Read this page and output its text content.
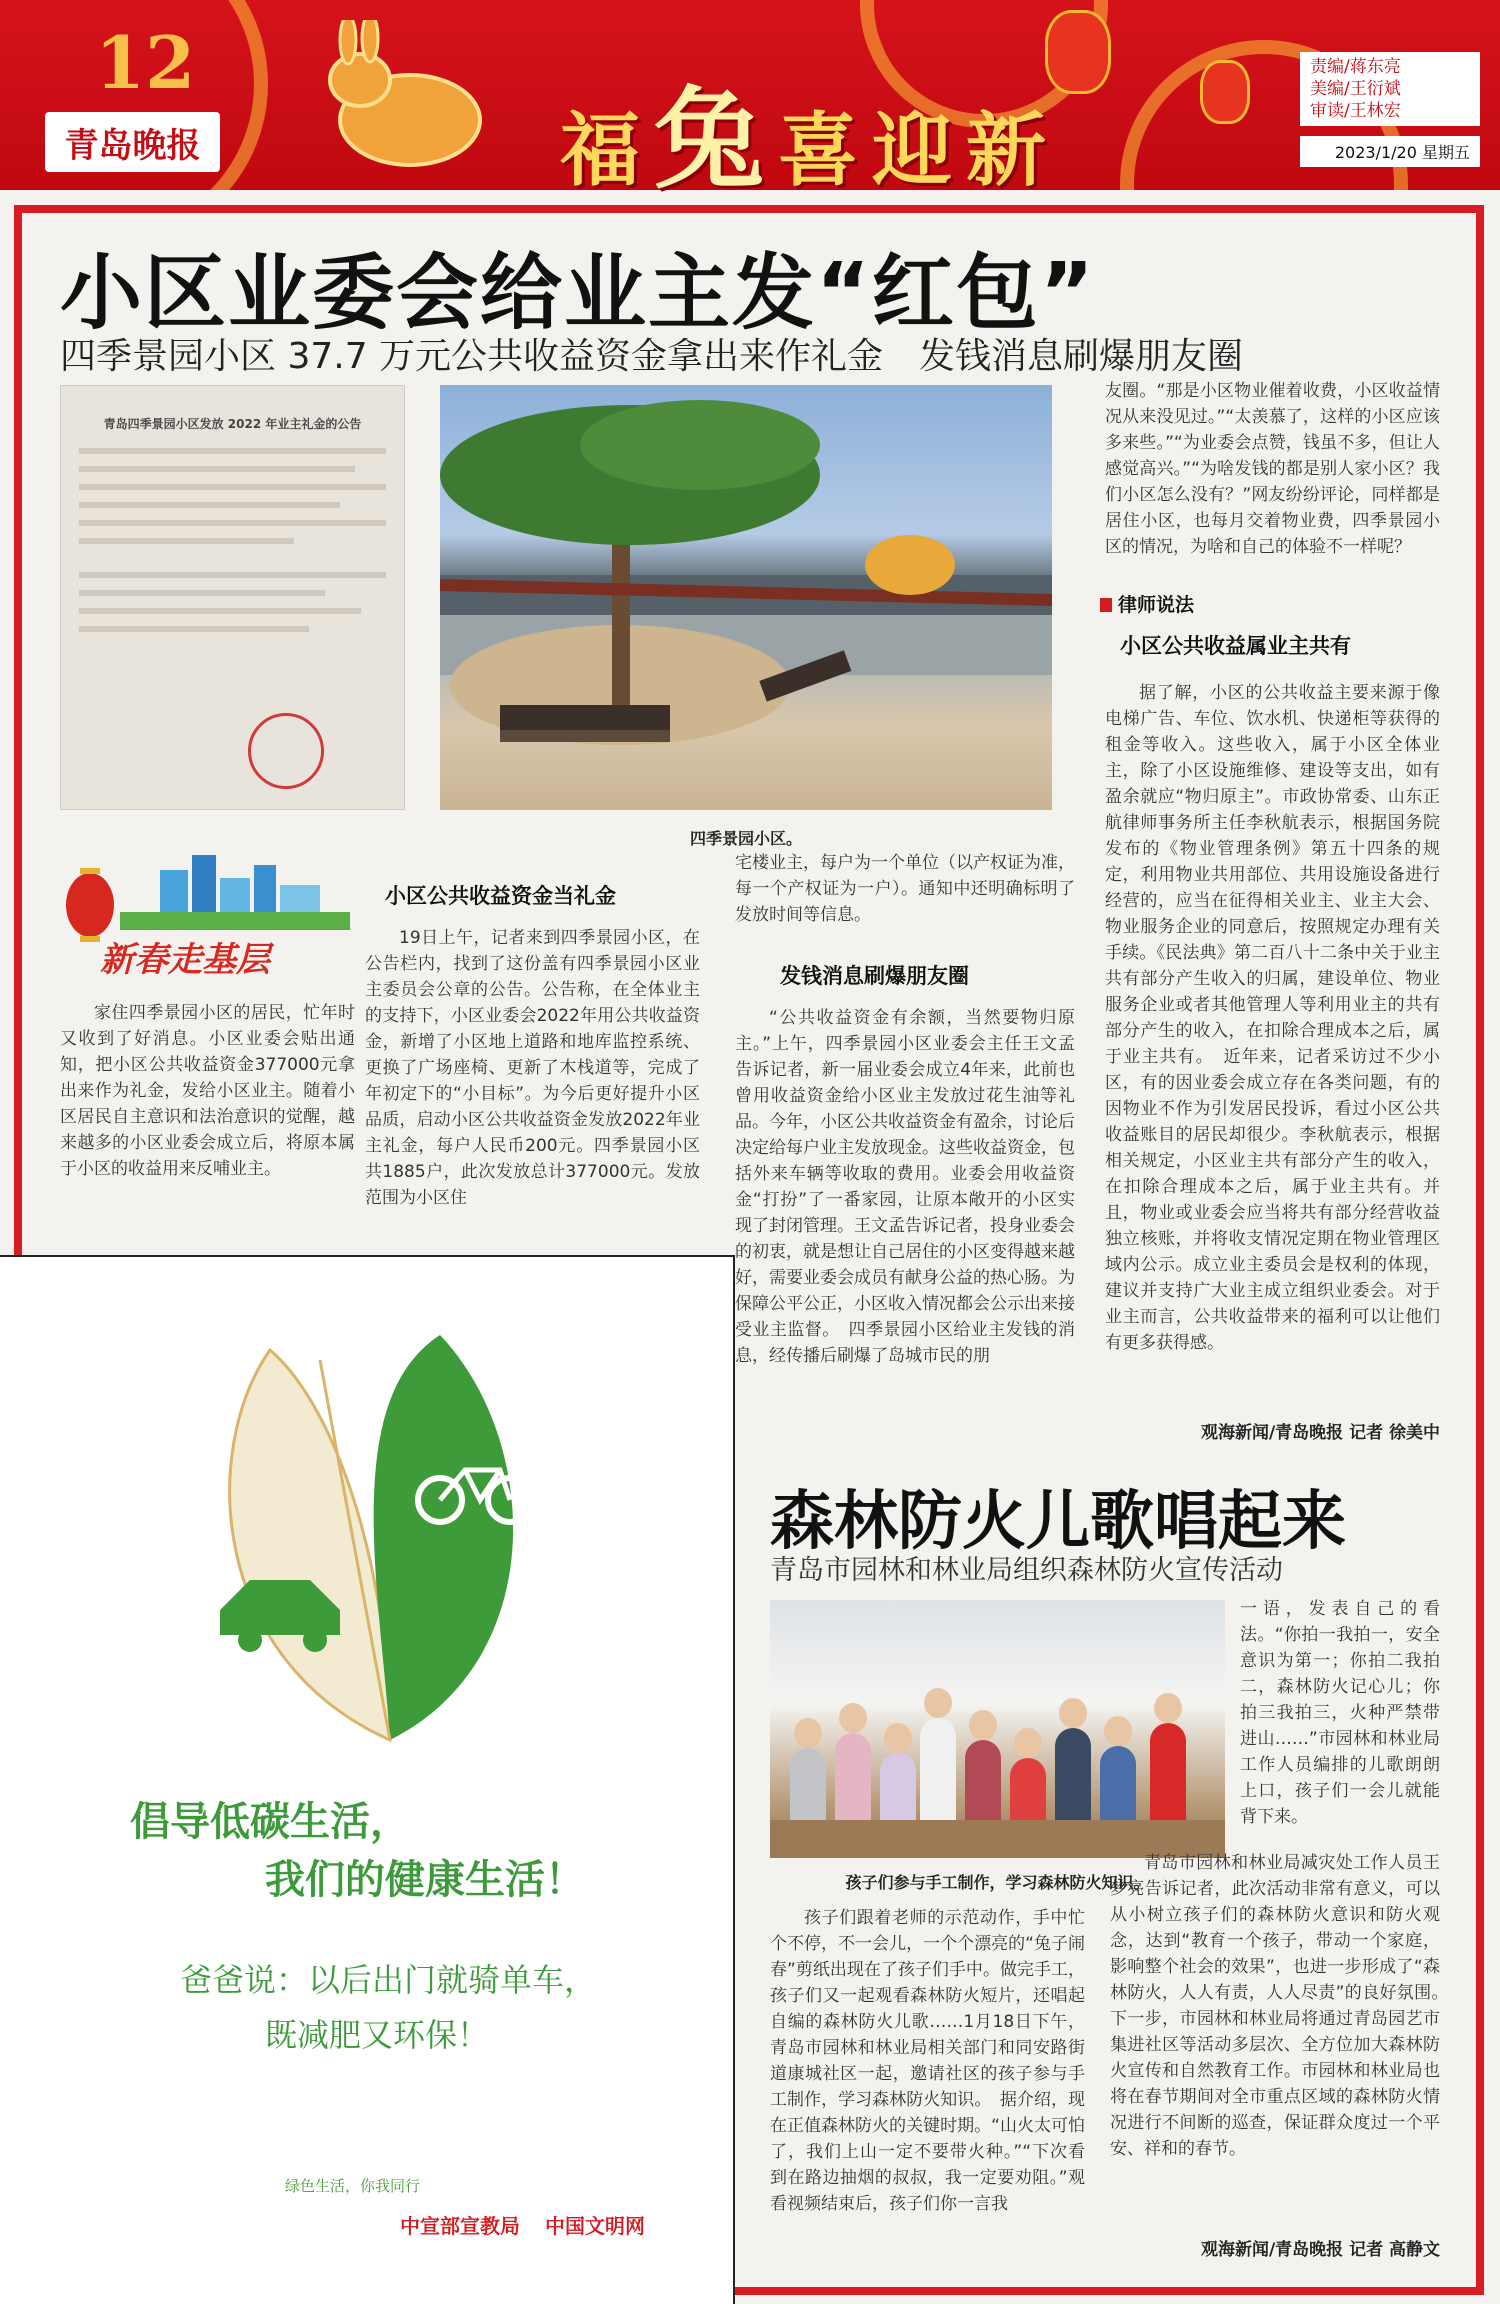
12
青岛晚报	福兔喜迎新
责编/蒋东亮
美编/王衍斌
审读/王林宏
2023/1/20 星期五
小区业委会给业主发“红包”
四季景园小区 37.7 万元公共收益资金拿出来作礼金　发钱消息刷爆朋友圈
青岛四季景园小区发放 2022 年业主礼金的公告
四季景园小区。
新春走基层

家住四季景园小区的居民，忙年时又收到了好消息。小区业委会贴出通知，把小区公共收益资金377000元拿出来作为礼金，发给小区业主。随着小区居民自主意识和法治意识的觉醒，越来越多的小区业委会成立后，将原本属于小区的收益用来反哺业主。

小区公共收益资金当礼金

19日上午，记者来到四季景园小区，在公告栏内，找到了这份盖有四季景园小区业主委员会公章的公告。公告称，在全体业主的支持下，小区业委会2022年用公共收益资金，新增了小区地上道路和地库监控系统、更换了广场座椅、更新了木栈道等，完成了年初定下的“小目标”。为今后更好提升小区品质，启动小区公共收益资金发放2022年业主礼金，每户人民币200元。四季景园小区共1885户，此次发放总计377000元。发放范围为小区住

宅楼业主，每户为一个单位（以产权证为准，每一个产权证为一户）。通知中还明确标明了发放时间等信息。

发钱消息刷爆朋友圈

“公共收益资金有余额，当然要物归原主。”上午，四季景园小区业委会主任王文孟告诉记者，新一届业委会成立4年来，此前也曾用收益资金给小区业主发放过花生油等礼品。今年，小区公共收益资金有盈余，讨论后决定给每户业主发放现金。这些收益资金，包括外来车辆等收取的费用。业委会用收益资金“打扮”了一番家园，让原本敞开的小区实现了封闭管理。王文孟告诉记者，投身业委会的初衷，就是想让自己居住的小区变得越来越好，需要业委会成员有献身公益的热心肠。为保障公平公正，小区收入情况都会公示出来接受业主监督。　四季景园小区给业主发钱的消息，经传播后刷爆了岛城市民的朋

友圈。“那是小区物业催着收费，小区收益情况从来没见过。”“太羡慕了，这样的小区应该多来些。”“为业委会点赞，钱虽不多，但让人感觉高兴。”“为啥发钱的都是别人家小区？我们小区怎么没有？”网友纷纷评论，同样都是居住小区，也每月交着物业费，四季景园小区的情况，为啥和自己的体验不一样呢？

律师说法
小区公共收益属业主共有

据了解，小区的公共收益主要来源于像电梯广告、车位、饮水机、快递柜等获得的租金等收入。这些收入，属于小区全体业主，除了小区设施维修、建设等支出，如有盈余就应“物归原主”。市政协常委、山东正航律师事务所主任李秋航表示，根据国务院发布的《物业管理条例》第五十四条的规定，利用物业共用部位、共用设施设备进行经营的，应当在征得相关业主、业主大会、物业服务企业的同意后，按照规定办理有关手续。《民法典》第二百八十二条中关于业主共有部分产生收入的归属，建设单位、物业服务企业或者其他管理人等利用业主的共有部分产生的收入，在扣除合理成本之后，属于业主共有。　近年来，记者采访过不少小区，有的因业委会成立存在各类问题，有的因物业不作为引发居民投诉，看过小区公共收益账目的居民却很少。李秋航表示，根据相关规定，小区业主共有部分产生的收入，在扣除合理成本之后，属于业主共有。并且，物业或业委会应当将共有部分经营收益独立核账，并将收支情况定期在物业管理区域内公示。成立业主委员会是权利的体现，建议并支持广大业主成立组织业委会。对于业主而言，公共收益带来的福利可以让他们有更多获得感。

观海新闻/青岛晚报 记者 徐美中
倡导低碳生活，
我们的健康生活！
爸爸说：以后出门就骑单车，
既减肥又环保！
绿色生活，你我同行
中宣部宣教局 中国文明网
森林防火儿歌唱起来
青岛市园林和林业局组织森林防火宣传活动
孩子们参与手工制作，学习森林防火知识。

孩子们跟着老师的示范动作，手中忙个不停，不一会儿，一个个漂亮的“兔子闹春”剪纸出现在了孩子们手中。做完手工，孩子们又一起观看森林防火短片，还唱起自编的森林防火儿歌……1月18日下午，青岛市园林和林业局相关部门和同安路街道康城社区一起，邀请社区的孩子参与手工制作，学习森林防火知识。　据介绍，现在正值森林防火的关键时期。“山火太可怕了，我们上山一定不要带火种。”“下次看到在路边抽烟的叔叔，我一定要劝阻。”观看视频结束后，孩子们你一言我

一语，发表自己的看法。“你拍一我拍一，安全意识为第一；你拍二我拍二，森林防火记心儿；你拍三我拍三，火种严禁带进山……”市园林和林业局工作人员编排的儿歌朗朗上口，孩子们一会儿就能背下来。

青岛市园林和林业局减灾处工作人员王梦亮告诉记者，此次活动非常有意义，可以从小树立孩子们的森林防火意识和防火观念，达到“教育一个孩子，带动一个家庭，影响整个社会的效果”，也进一步形成了“森林防火，人人有责，人人尽责”的良好氛围。　下一步，市园林和林业局将通过青岛园艺市集进社区等活动多层次、全方位加大森林防火宣传和自然教育工作。市园林和林业局也将在春节期间对全市重点区域的森林防火情况进行不间断的巡查，保证群众度过一个平安、祥和的春节。

观海新闻/青岛晚报 记者 高静文
